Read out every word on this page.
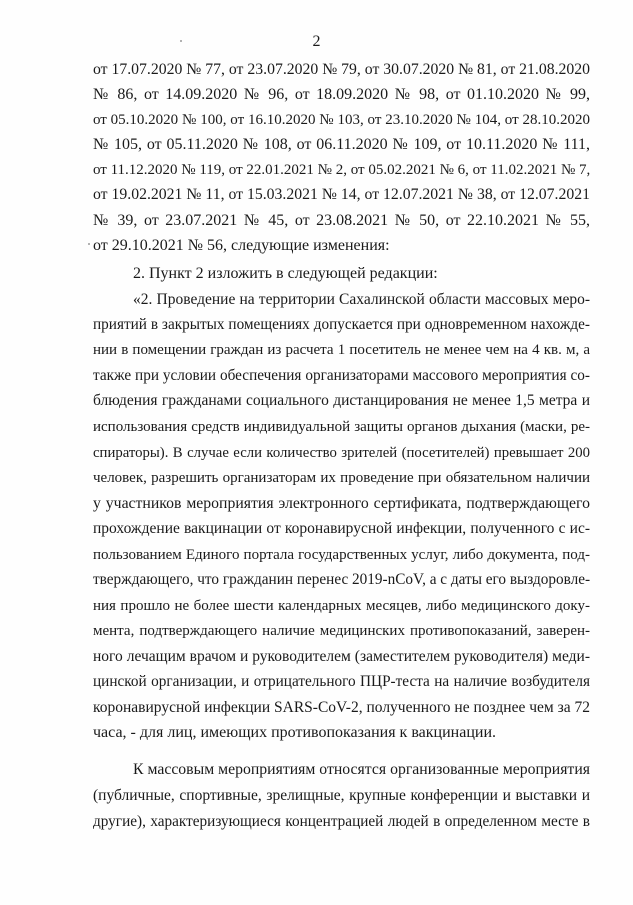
2
от 17.07.2020 № 77, от 23.07.2020 № 79, от 30.07.2020 № 81, от 21.08.2020
№ 86, от 14.09.2020 № 96, от 18.09.2020 № 98, от 01.10.2020 № 99,
от 05.10.2020 № 100, от 16.10.2020 № 103, от 23.10.2020 № 104, от 28.10.2020
№ 105, от 05.11.2020 № 108, от 06.11.2020 № 109, от 10.11.2020 № 111,
от 11.12.2020 № 119, от 22.01.2021 № 2, от 05.02.2021 № 6, от 11.02.2021 № 7,
от 19.02.2021 № 11, от 15.03.2021 № 14, от 12.07.2021 № 38, от 12.07.2021
№ 39, от 23.07.2021 № 45, от 23.08.2021 № 50, от 22.10.2021 № 55,
от 29.10.2021 № 56, следующие изменения:
2. Пункт 2 изложить в следующей редакции:
«2. Проведение на территории Сахалинской области массовых меро-
приятий в закрытых помещениях допускается при одновременном нахожде-
нии в помещении граждан из расчета 1 посетитель не менее чем на 4 кв. м, а
также при условии обеспечения организаторами массового мероприятия со-
блюдения гражданами социального дистанцирования не менее 1,5 метра и
использования средств индивидуальной защиты органов дыхания (маски, ре-
спираторы). В случае если количество зрителей (посетителей) превышает 200
человек, разрешить организаторам их проведение при обязательном наличии
у участников мероприятия электронного сертификата, подтверждающего
прохождение вакцинации от коронавирусной инфекции, полученного с ис-
пользованием Единого портала государственных услуг, либо документа, под-
тверждающего, что гражданин перенес 2019-nCoV, а с даты его выздоровле-
ния прошло не более шести календарных месяцев, либо медицинского доку-
мента, подтверждающего наличие медицинских противопоказаний, заверен-
ного лечащим врачом и руководителем (заместителем руководителя) меди-
цинской организации, и отрицательного ПЦР-теста на наличие возбудителя
коронавирусной инфекции SARS-CoV-2, полученного не позднее чем за 72
часа, - для лиц, имеющих противопоказания к вакцинации.
К массовым мероприятиям относятся организованные мероприятия
(публичные, спортивные, зрелищные, крупные конференции и выставки и
другие), характеризующиеся концентрацией людей в определенном месте в
